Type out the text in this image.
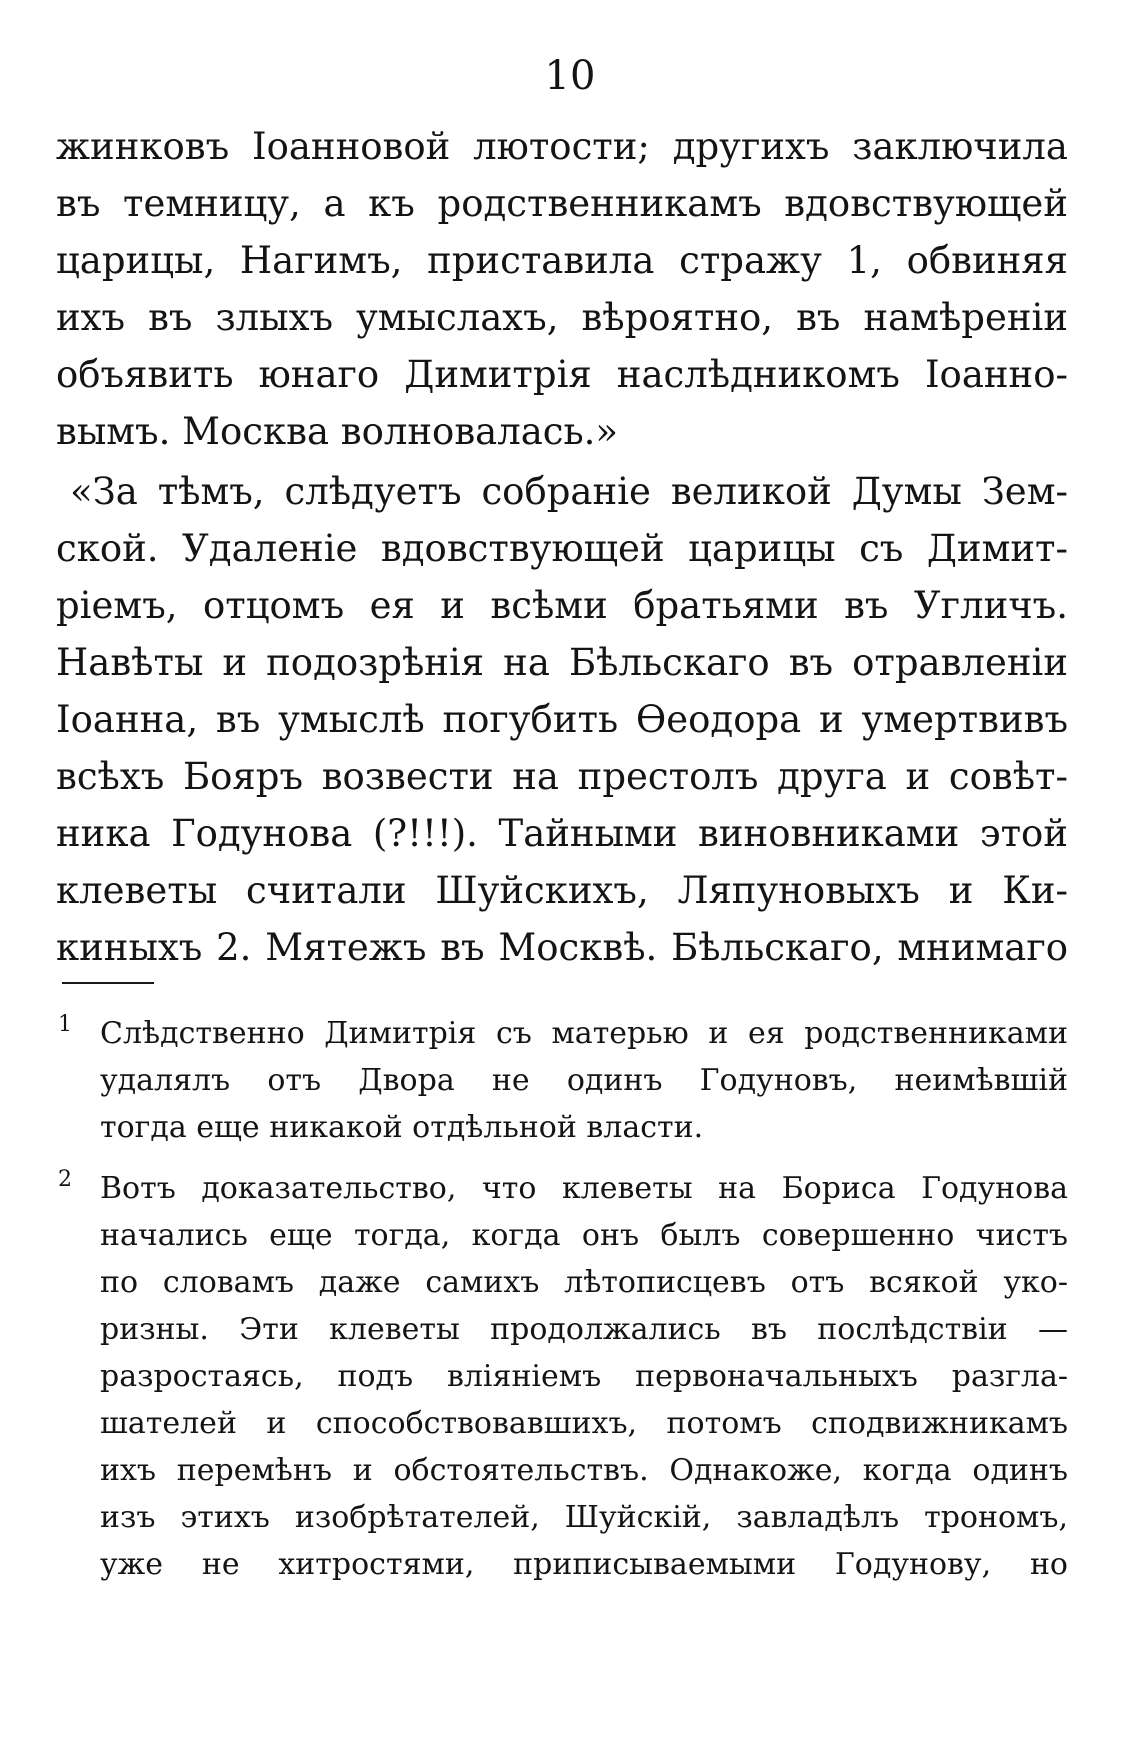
10
жинковъ Іоанновой лютости; другихъ заключила
въ темницу, а къ родственникамъ вдовствующей
царицы, Нагимъ, приставила стражу 1, обвиняя
ихъ въ злыхъ умыслахъ, вѣроятно, въ намѣреніи
объявить юнаго Димитрія наслѣдникомъ Іоанно-
вымъ. Москва волновалась.»
«За тѣмъ, слѣдуетъ собраніе великой Думы Зем-
ской. Удаленіе вдовствующей царицы съ Димит-
ріемъ, отцомъ ея и всѣми братьями въ Угличъ.
Навѣты и подозрѣнія на Бѣльскаго въ отравленіи
Іоанна, въ умыслѣ погубить Ѳеодора и умертвивъ
всѣхъ Бояръ возвести на престолъ друга и совѣт-
ника Годунова (?!!!). Тайными виновниками этой
клеветы считали Шуйскихъ, Ляпуновыхъ и Ки-
киныхъ 2. Мятежъ въ Москвѣ. Бѣльскаго, мнимаго
1 Слѣдственно Димитрія съ матерью и ея родственниками
удалялъ отъ Двора не одинъ Годуновъ, неимѣвшій
тогда еще никакой отдѣльной власти.
2 Вотъ доказательство, что клеветы на Бориса Годунова
начались еще тогда, когда онъ былъ совершенно чистъ
по словамъ даже самихъ лѣтописцевъ отъ всякой уко-
ризны. Эти клеветы продолжались въ послѣдствіи —
разростаясь, подъ вліяніемъ первоначальныхъ разгла-
шателей и способствовавшихъ, потомъ сподвижникамъ
ихъ перемѣнъ и обстоятельствъ. Однакоже, когда одинъ
изъ этихъ изобрѣтателей, Шуйскій, завладѣлъ трономъ,
уже не хитростями, приписываемыми Годунову, но
